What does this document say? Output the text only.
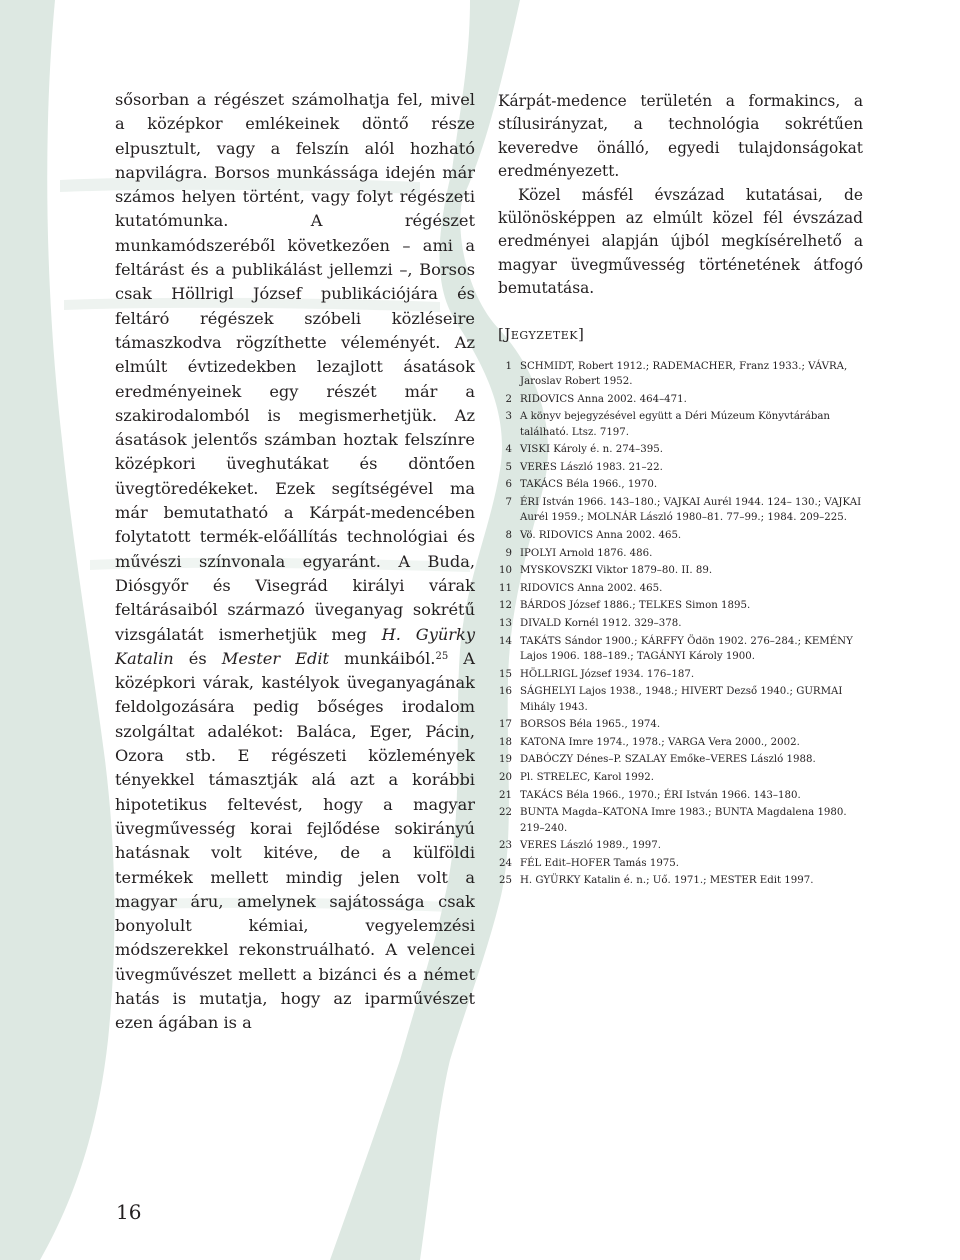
sősorban a régészet számolhatja fel, mivel a középkor emlékeinek döntő része elpusztult, vagy a felszín alól hozható napvilágra. Borsos munkássága idején már számos helyen történt, vagy folyt régészeti kutatómunka. A régészet munkamódszeréből következően – ami a feltárást és a publikálást jellemzi –, Borsos csak Höllrigl József publikációjára és feltáró régészek szóbeli közléseire támaszkodva rögzíthette véleményét. Az elmúlt évtizedekben lezajlott ásatások eredményeinek egy részét már a szakirodalomból is megismerhetjük. Az ásatások jelentős számban hoztak felszínre középkori üveghutákat és döntően üvegtöredékeket. Ezek segítségével ma már bemutatható a Kárpát-medencében folytatott termék-előállítás technológiai és művészi színvonala egyaránt. A Buda, Diósgyőr és Visegrád királyi várak feltárásaiból származó üveganyag sokrétű vizsgálatát ismerhetjük meg H. Gyürky Katalin és Mester Edit munkáiból.$^{25}$ A középkori várak, kastélyok üveganyagának feldolgozására pedig bőséges irodalom szolgáltat adalékot: Baláca, Eger, Pácin, Ozora stb. E régészeti közlemények tényekkel támasztják alá azt a korábbi hipotetikus feltevést, hogy a magyar üvegművesség korai fejlődése sokirányú hatásnak volt kitéve, de a külföldi termékek mellett mindig jelen volt a magyar áru, amelynek sajátossága csak bonyolult kémiai, vegyelemzési módszerekkel rekonstruálható. A velencei üvegművészet mellett a bizánci és a német hatás is mutatja, hogy az iparművészet ezen ágában is a

Kárpát-medence területén a formakincs, a stílusirányzat, a technológia sokrétűen keveredve önálló, egyedi tulajdonságokat eredményezett.

Közel másfél évszázad kutatásai, de különösképpen az elmúlt közel fél évszázad eredményei alapján újból megkísérelhető a magyar üvegművesség történetének átfogó bemutatása.

[Jegyzetek]
1 SCHMIDT, Robert 1912.; RADEMACHER, Franz 1933.; VÁVRA, Jaroslav Robert 1952.
2 RIDOVICS Anna 2002. 464–471.
3 A könyv bejegyzésével együtt a Déri Múzeum Könyvtárában található. Ltsz. 7197.
4 VISKI Károly é. n. 274–395.
5 VERES László 1983. 21–22.
6 TAKÁCS Béla 1966., 1970.
7 ÉRI István 1966. 143–180.; VAJKAI Aurél 1944. 124– 130.; VAJKAI Aurél 1959.; MOLNÁR László 1980–81. 77–99.; 1984. 209–225.
8 Vö. RIDOVICS Anna 2002. 465.
9 IPOLYI Arnold 1876. 486.
10 MYSKOVSZKI Viktor 1879–80. II. 89.
11 RIDOVICS Anna 2002. 465.
12 BÁRDOS József 1886.; TELKES Simon 1895.
13 DIVALD Kornél 1912. 329–378.
14 TAKÁTS Sándor 1900.; KÁRFFY Ödön 1902. 276–284.; KEMÉNY Lajos 1906. 188–189.; TAGÁNYI Károly 1900.
15 HÖLLRIGL József 1934. 176–187.
16 SÁGHELYI Lajos 1938., 1948.; HIVERT Dezső 1940.; GURMAI Mihály 1943.
17 BORSOS Béla 1965., 1974.
18 KATONA Imre 1974., 1978.; VARGA Vera 2000., 2002.
19 DABÓCZY Dénes–P. SZALAY Emőke–VERES László 1988.
20 Pl. STRELEC, Karol 1992.
21 TAKÁCS Béla 1966., 1970.; ÉRI István 1966. 143–180.
22 BUNTA Magda–KATONA Imre 1983.; BUNTA Magdalena 1980. 219–240.
23 VERES László 1989., 1997.
24 FÉL Edit–HOFER Tamás 1975.
25 H. GYÜRKY Katalin é. n.; Uő. 1971.; MESTER Edit 1997.
16
